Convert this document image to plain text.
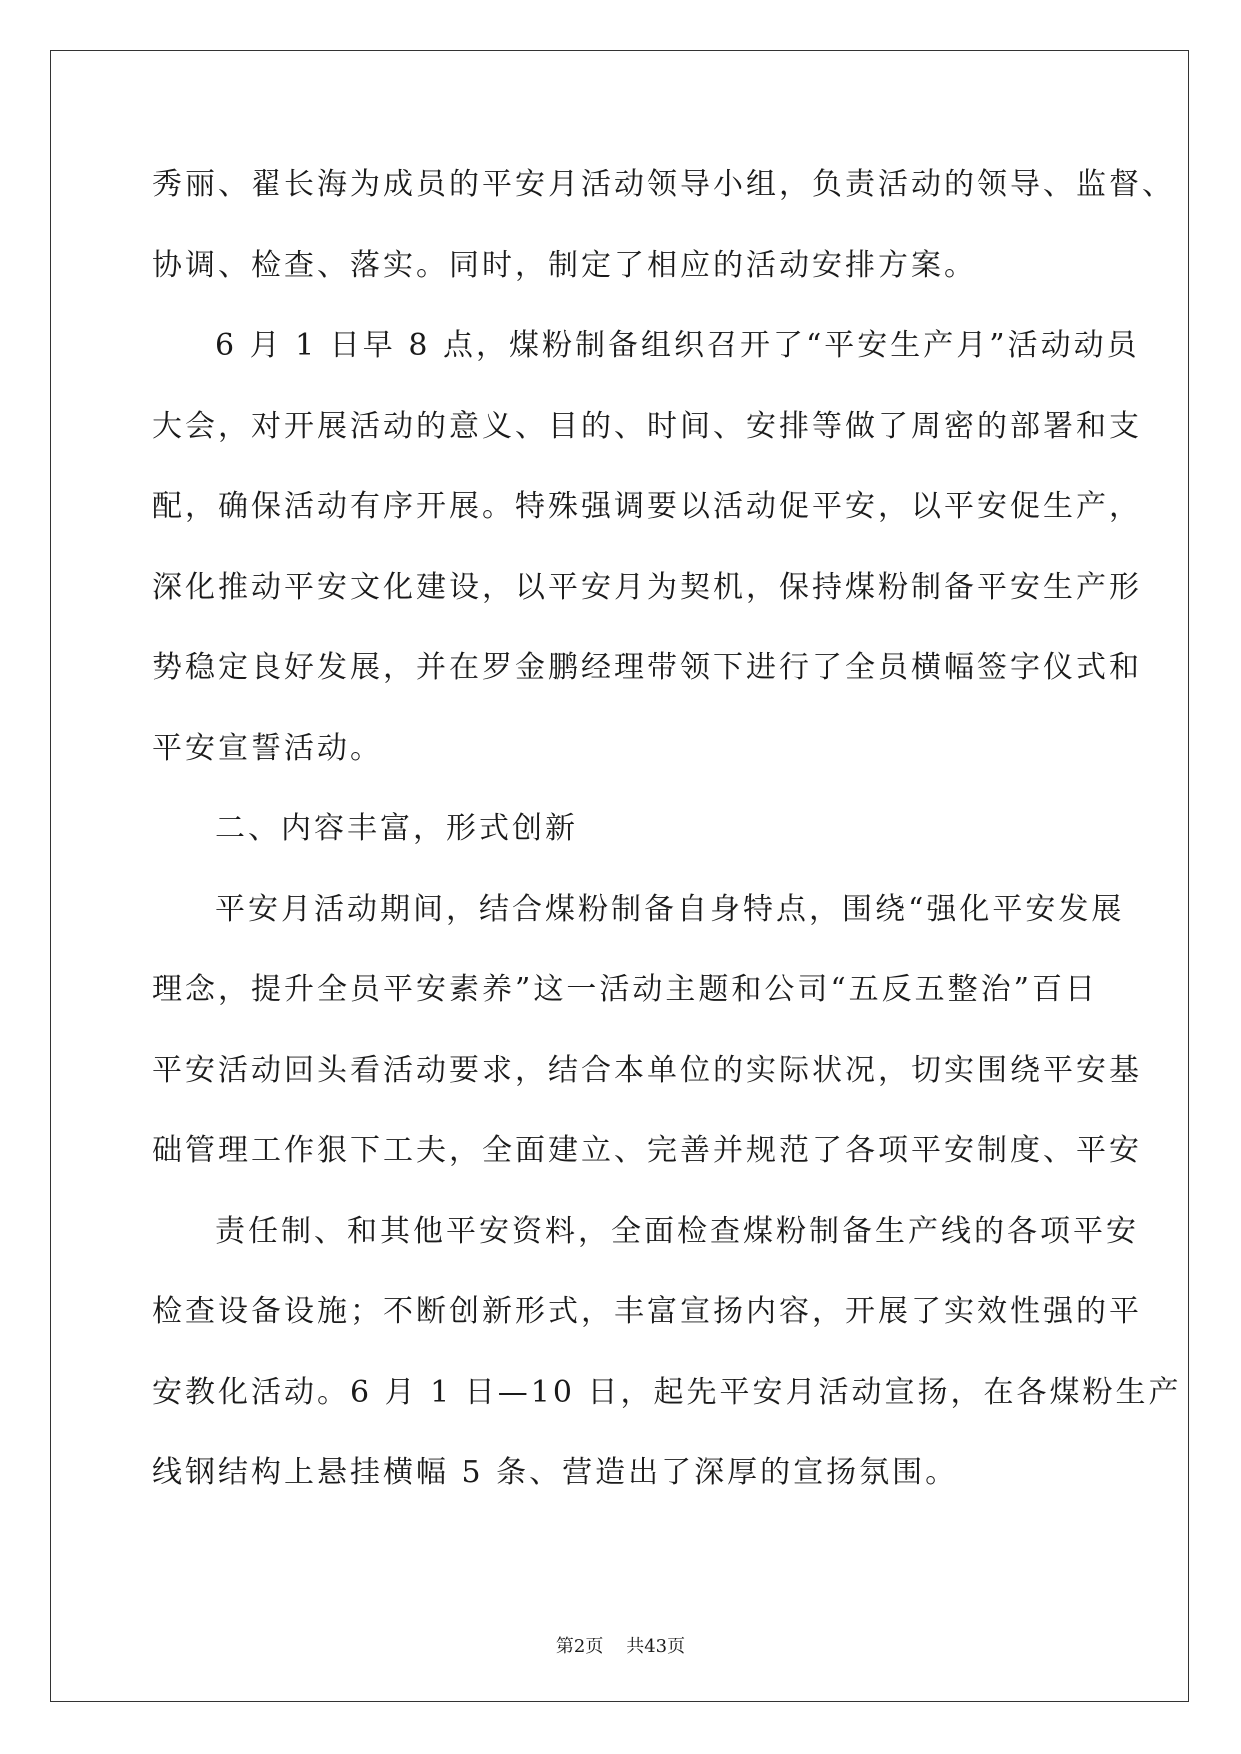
秀丽、翟长海为成员的平安月活动领导小组，负责活动的领导、监督、
协调、检查、落实。同时，制定了相应的活动安排方案。
6 月 1 日早 8 点，煤粉制备组织召开了“平安生产月”活动动员
大会，对开展活动的意义、目的、时间、安排等做了周密的部署和支
配，确保活动有序开展。特殊强调要以活动促平安，以平安促生产，
深化推动平安文化建设，以平安月为契机，保持煤粉制备平安生产形
势稳定良好发展，并在罗金鹏经理带领下进行了全员横幅签字仪式和
平安宣誓活动。
二、内容丰富，形式创新
平安月活动期间，结合煤粉制备自身特点，围绕“强化平安发展
理念，提升全员平安素养”这一活动主题和公司“五反五整治”百日
平安活动回头看活动要求，结合本单位的实际状况，切实围绕平安基
础管理工作狠下工夫，全面建立、完善并规范了各项平安制度、平安
责任制、和其他平安资料，全面检查煤粉制备生产线的各项平安
检查设备设施；不断创新形式，丰富宣扬内容，开展了实效性强的平
安教化活动。6 月 1 日—10 日，起先平安月活动宣扬，在各煤粉生产
线钢结构上悬挂横幅 5 条、营造出了深厚的宣扬氛围。
第2页 共43页
